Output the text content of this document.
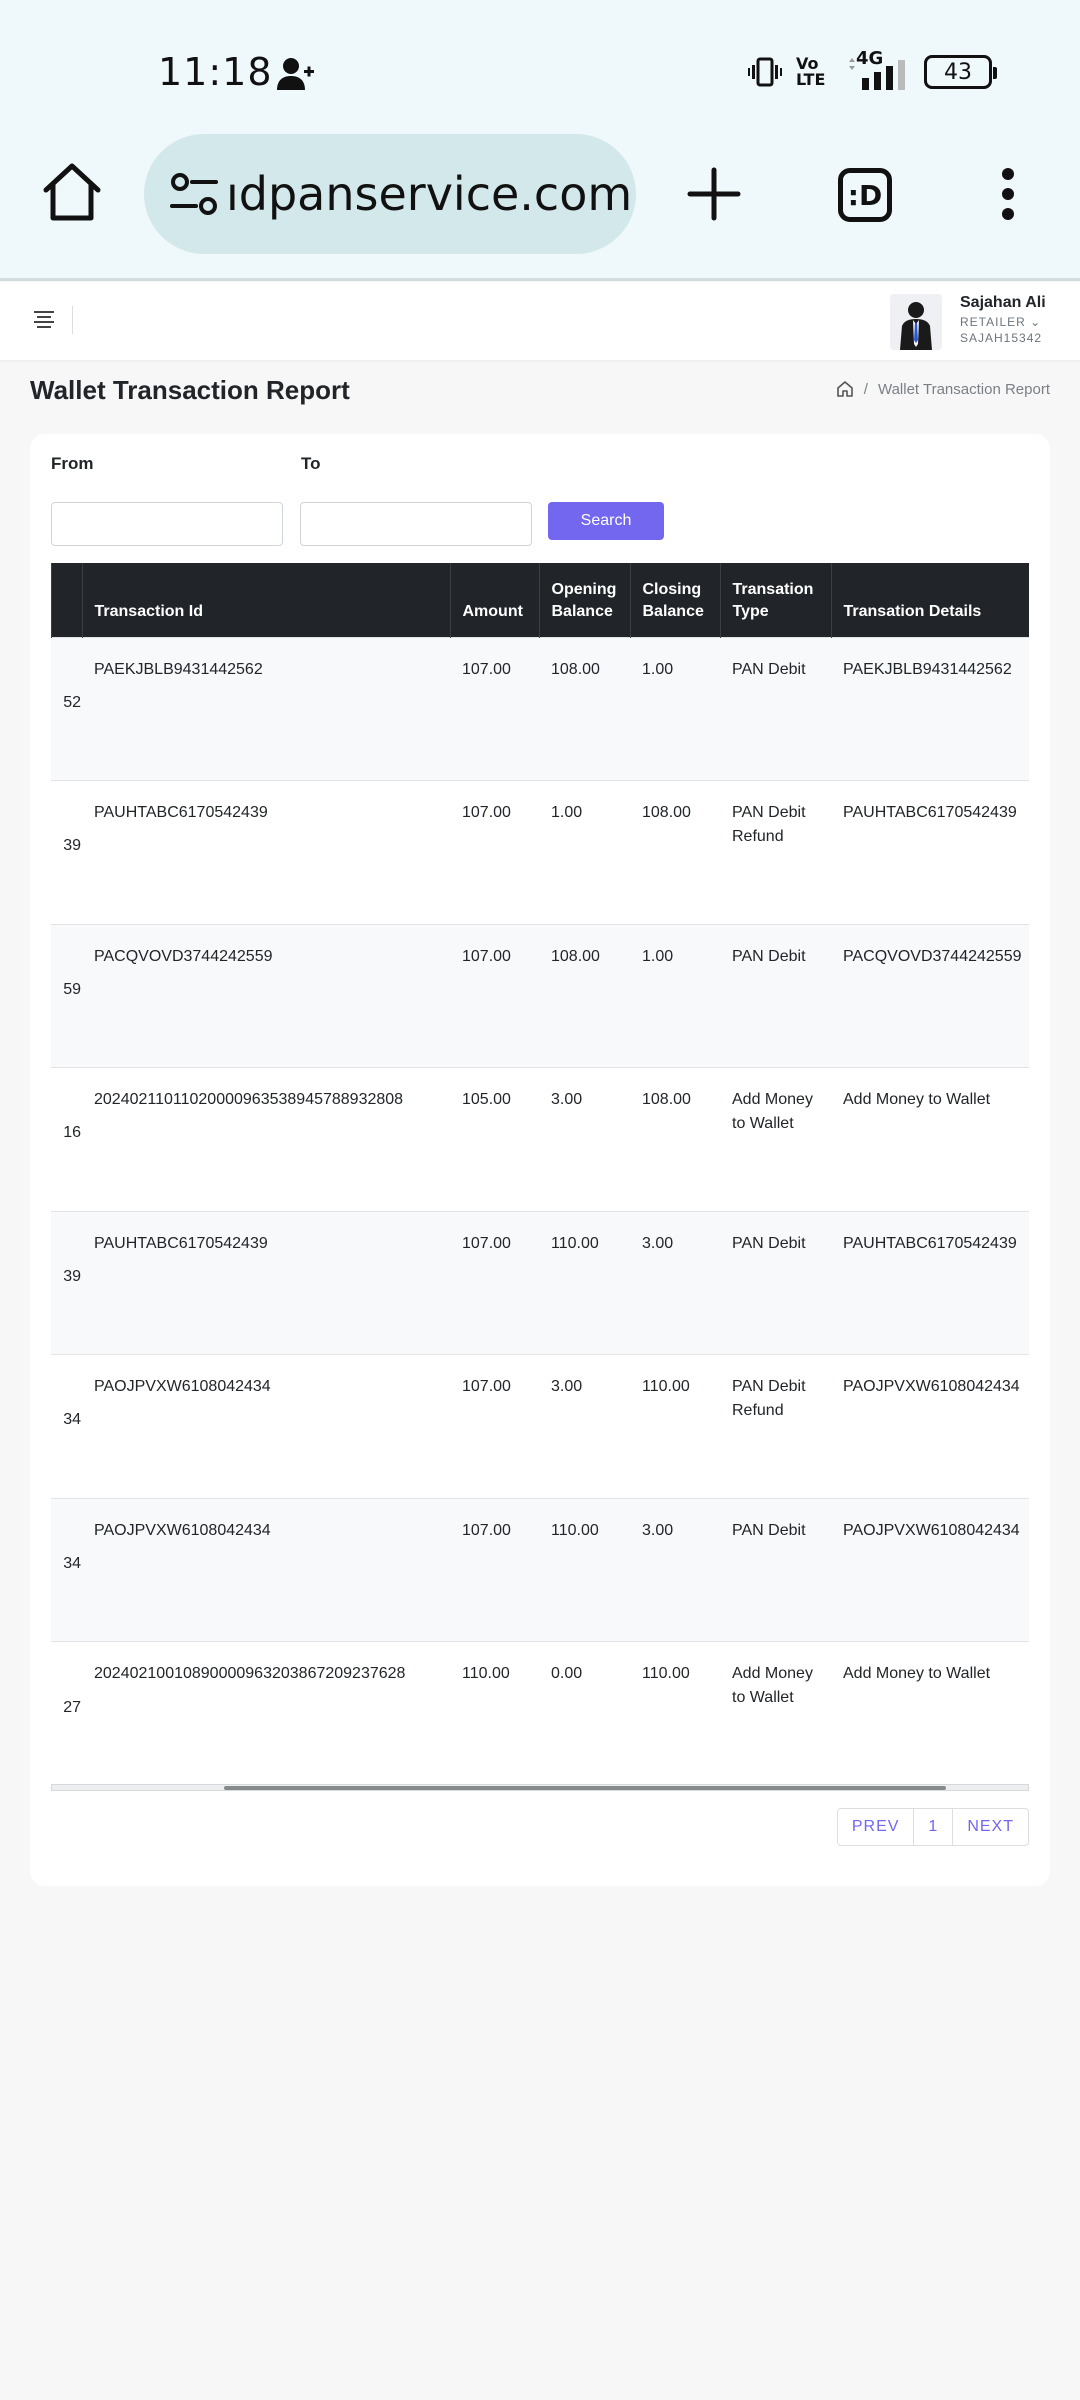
11:18	Vo LTE
4G
43
ıdpanservice.com	:D
Sajahan Ali
RETAILER ⌄
SAJAH15342
Wallet Transaction Report	/ Wallet Transaction Report
From	To
Search
		Transaction Id	Amount	Opening Balance	Closing Balance	Transation Type	Transation Details
	52	PAEKJBLB9431442562	107.00	108.00	1.00	PAN Debit	PAEKJBLB9431442562
	39	PAUHTABC6170542439	107.00	1.00	108.00	PAN Debit Refund	PAUHTABC6170542439
	59	PACQVOVD3744242559	107.00	108.00	1.00	PAN Debit	PACQVOVD3744242559
	16	20240211011020000963538945788932808	105.00	3.00	108.00	Add Money to Wallet	Add Money to Wallet
	39	PAUHTABC6170542439	107.00	110.00	3.00	PAN Debit	PAUHTABC6170542439
	34	PAOJPVXW6108042434	107.00	3.00	110.00	PAN Debit Refund	PAOJPVXW6108042434
	34	PAOJPVXW6108042434	107.00	110.00	3.00	PAN Debit	PAOJPVXW6108042434
	27	20240210010890000963203867209237628	110.00	0.00	110.00	Add Money to Wallet	Add Money to Wallet
PREV	1	NEXT
